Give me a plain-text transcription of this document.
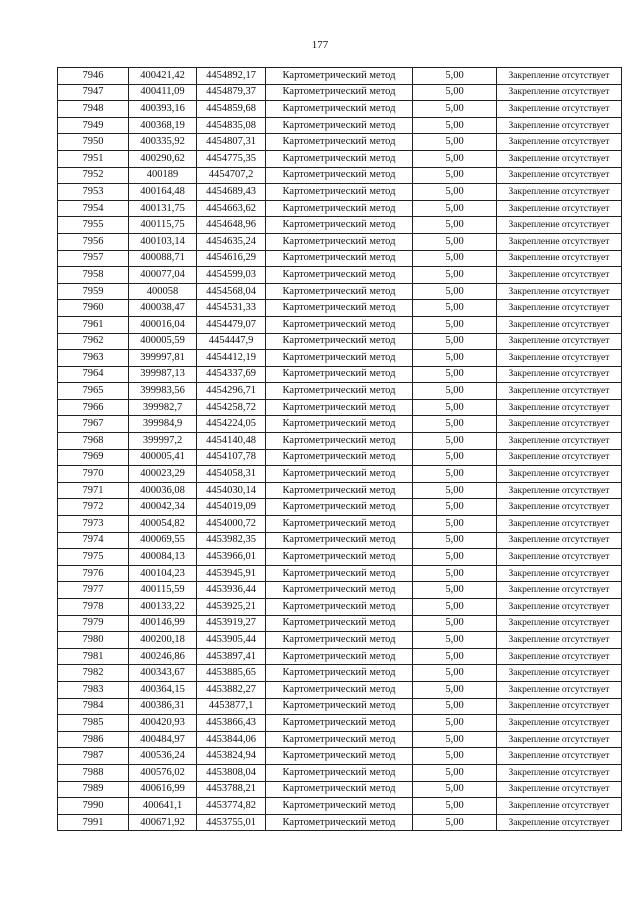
177
7946	400421,42	4454892,17	Картометрический метод	5,00	Закрепление отсутствует
7947	400411,09	4454879,37	Картометрический метод	5,00	Закрепление отсутствует
7948	400393,16	4454859,68	Картометрический метод	5,00	Закрепление отсутствует
7949	400368,19	4454835,08	Картометрический метод	5,00	Закрепление отсутствует
7950	400335,92	4454807,31	Картометрический метод	5,00	Закрепление отсутствует
7951	400290,62	4454775,35	Картометрический метод	5,00	Закрепление отсутствует
7952	400189	4454707,2	Картометрический метод	5,00	Закрепление отсутствует
7953	400164,48	4454689,43	Картометрический метод	5,00	Закрепление отсутствует
7954	400131,75	4454663,62	Картометрический метод	5,00	Закрепление отсутствует
7955	400115,75	4454648,96	Картометрический метод	5,00	Закрепление отсутствует
7956	400103,14	4454635,24	Картометрический метод	5,00	Закрепление отсутствует
7957	400088,71	4454616,29	Картометрический метод	5,00	Закрепление отсутствует
7958	400077,04	4454599,03	Картометрический метод	5,00	Закрепление отсутствует
7959	400058	4454568,04	Картометрический метод	5,00	Закрепление отсутствует
7960	400038,47	4454531,33	Картометрический метод	5,00	Закрепление отсутствует
7961	400016,04	4454479,07	Картометрический метод	5,00	Закрепление отсутствует
7962	400005,59	4454447,9	Картометрический метод	5,00	Закрепление отсутствует
7963	399997,81	4454412,19	Картометрический метод	5,00	Закрепление отсутствует
7964	399987,13	4454337,69	Картометрический метод	5,00	Закрепление отсутствует
7965	399983,56	4454296,71	Картометрический метод	5,00	Закрепление отсутствует
7966	399982,7	4454258,72	Картометрический метод	5,00	Закрепление отсутствует
7967	399984,9	4454224,05	Картометрический метод	5,00	Закрепление отсутствует
7968	399997,2	4454140,48	Картометрический метод	5,00	Закрепление отсутствует
7969	400005,41	4454107,78	Картометрический метод	5,00	Закрепление отсутствует
7970	400023,29	4454058,31	Картометрический метод	5,00	Закрепление отсутствует
7971	400036,08	4454030,14	Картометрический метод	5,00	Закрепление отсутствует
7972	400042,34	4454019,09	Картометрический метод	5,00	Закрепление отсутствует
7973	400054,82	4454000,72	Картометрический метод	5,00	Закрепление отсутствует
7974	400069,55	4453982,35	Картометрический метод	5,00	Закрепление отсутствует
7975	400084,13	4453966,01	Картометрический метод	5,00	Закрепление отсутствует
7976	400104,23	4453945,91	Картометрический метод	5,00	Закрепление отсутствует
7977	400115,59	4453936,44	Картометрический метод	5,00	Закрепление отсутствует
7978	400133,22	4453925,21	Картометрический метод	5,00	Закрепление отсутствует
7979	400146,99	4453919,27	Картометрический метод	5,00	Закрепление отсутствует
7980	400200,18	4453905,44	Картометрический метод	5,00	Закрепление отсутствует
7981	400246,86	4453897,41	Картометрический метод	5,00	Закрепление отсутствует
7982	400343,67	4453885,65	Картометрический метод	5,00	Закрепление отсутствует
7983	400364,15	4453882,27	Картометрический метод	5,00	Закрепление отсутствует
7984	400386,31	4453877,1	Картометрический метод	5,00	Закрепление отсутствует
7985	400420,93	4453866,43	Картометрический метод	5,00	Закрепление отсутствует
7986	400484,97	4453844,06	Картометрический метод	5,00	Закрепление отсутствует
7987	400536,24	4453824,94	Картометрический метод	5,00	Закрепление отсутствует
7988	400576,02	4453808,04	Картометрический метод	5,00	Закрепление отсутствует
7989	400616,99	4453788,21	Картометрический метод	5,00	Закрепление отсутствует
7990	400641,1	4453774,82	Картометрический метод	5,00	Закрепление отсутствует
7991	400671,92	4453755,01	Картометрический метод	5,00	Закрепление отсутствует
